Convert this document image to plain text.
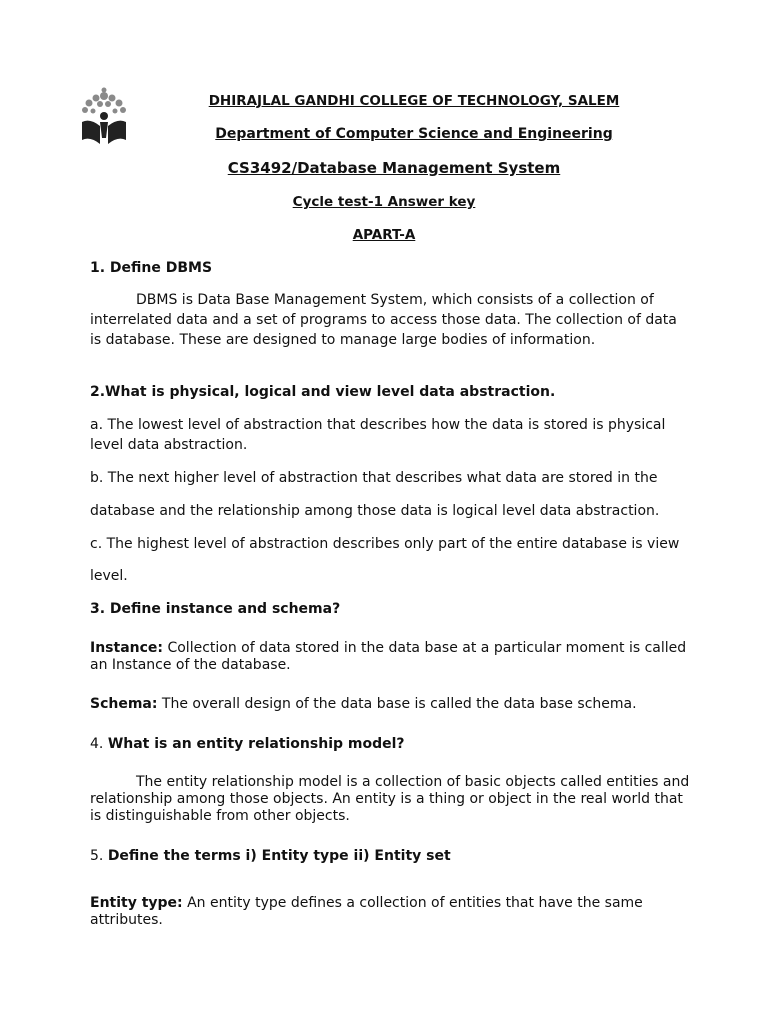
DHIRAJLAL GANDHI COLLEGE OF TECHNOLOGY, SALEM
Department of Computer Science and Engineering
CS3492/Database Management System
Cycle test-1 Answer key
APART-A
1. Define DBMS
DBMS is Data Base Management System, which consists of a collection of interrelated data and a set of programs to access those data. The collection of data is database. These are designed to manage large bodies of information.
2.What is physical, logical and view level data abstraction.
a. The lowest level of abstraction that describes how the data is stored is physical level data abstraction.
b. The next higher level of abstraction that describes what data are stored in the
database and the relationship among those data is logical level data abstraction.
c. The highest level of abstraction describes only part of the entire database is view
level.
3. Define instance and schema?
Instance: Collection of data stored in the data base at a particular moment is called an Instance of the database.
Schema: The overall design of the data base is called the data base schema.
4. What is an entity relationship model?
The entity relationship model is a collection of basic objects called entities and relationship among those objects. An entity is a thing or object in the real world that is distinguishable from other objects.
5. Define the terms i) Entity type ii) Entity set
Entity type: An entity type defines a collection of entities that have the same attributes.
